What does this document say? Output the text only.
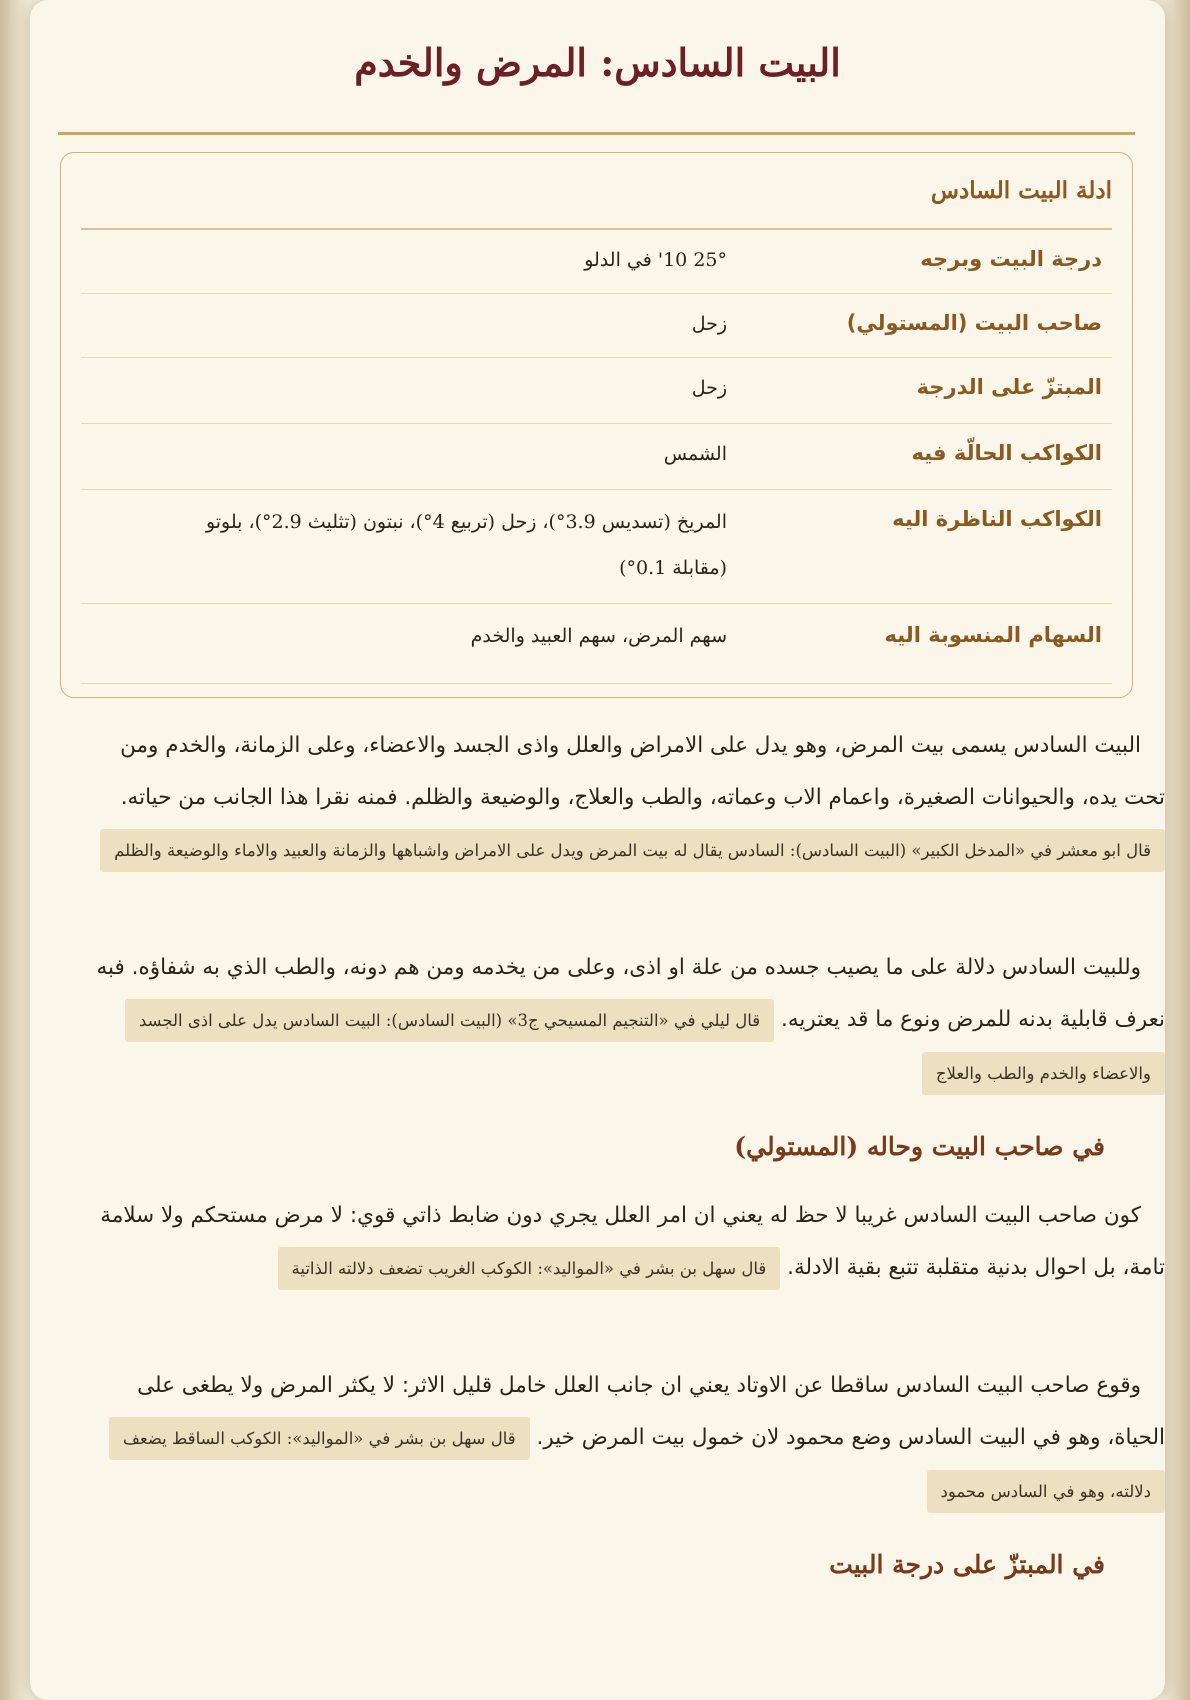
البيت السادس: المرض والخدم
ادلة البيت السادس
درجة البيت وبرجه
25° 10' في الدلو
صاحب البيت (المستولي)
زحل
المبتزّ على الدرجة
زحل
الكواكب الحالّة فيه
الشمس
الكواكب الناظرة اليه
المريخ (تسديس 3.9°)، زحل (تربيع 4°)، نبتون (تثليث 2.9°)، بلوتو (مقابلة 0.1°)
السهام المنسوبة اليه
سهم المرض، سهم العبيد والخدم

البيت السادس يسمى بيت المرض، وهو يدل على الامراض والعلل واذى الجسد والاعضاء، وعلى الزمانة، والخدم ومن تحت يده، والحيوانات الصغيرة، واعمام الاب وعماته، والطب والعلاج، والوضيعة والظلم. فمنه نقرا هذا الجانب من حياته. قال ابو معشر في «المدخل الكبير» (البيت السادس): السادس يقال له بيت المرض ويدل على الامراض واشباهها والزمانة والعبيد والاماء والوضيعة والظلم

وللبيت السادس دلالة على ما يصيب جسده من علة او اذى، وعلى من يخدمه ومن هم دونه، والطب الذي به شفاؤه. فبه نعرف قابلية بدنه للمرض ونوع ما قد يعتريه. قال ليلي في «التنجيم المسيحي ج3» (البيت السادس): البيت السادس يدل على اذى الجسد والاعضاء والخدم والطب والعلاج

في صاحب البيت وحاله (المستولي)

كون صاحب البيت السادس غريبا لا حظ له يعني ان امر العلل يجري دون ضابط ذاتي قوي: لا مرض مستحكم ولا سلامة تامة، بل احوال بدنية متقلبة تتبع بقية الادلة. قال سهل بن بشر في «المواليد»: الكوكب الغريب تضعف دلالته الذاتية

وقوع صاحب البيت السادس ساقطا عن الاوتاد يعني ان جانب العلل خامل قليل الاثر: لا يكثر المرض ولا يطغى على الحياة، وهو في البيت السادس وضع محمود لان خمول بيت المرض خير. قال سهل بن بشر في «المواليد»: الكوكب الساقط يضعف دلالته، وهو في السادس محمود

في المبتزّ على درجة البيت
